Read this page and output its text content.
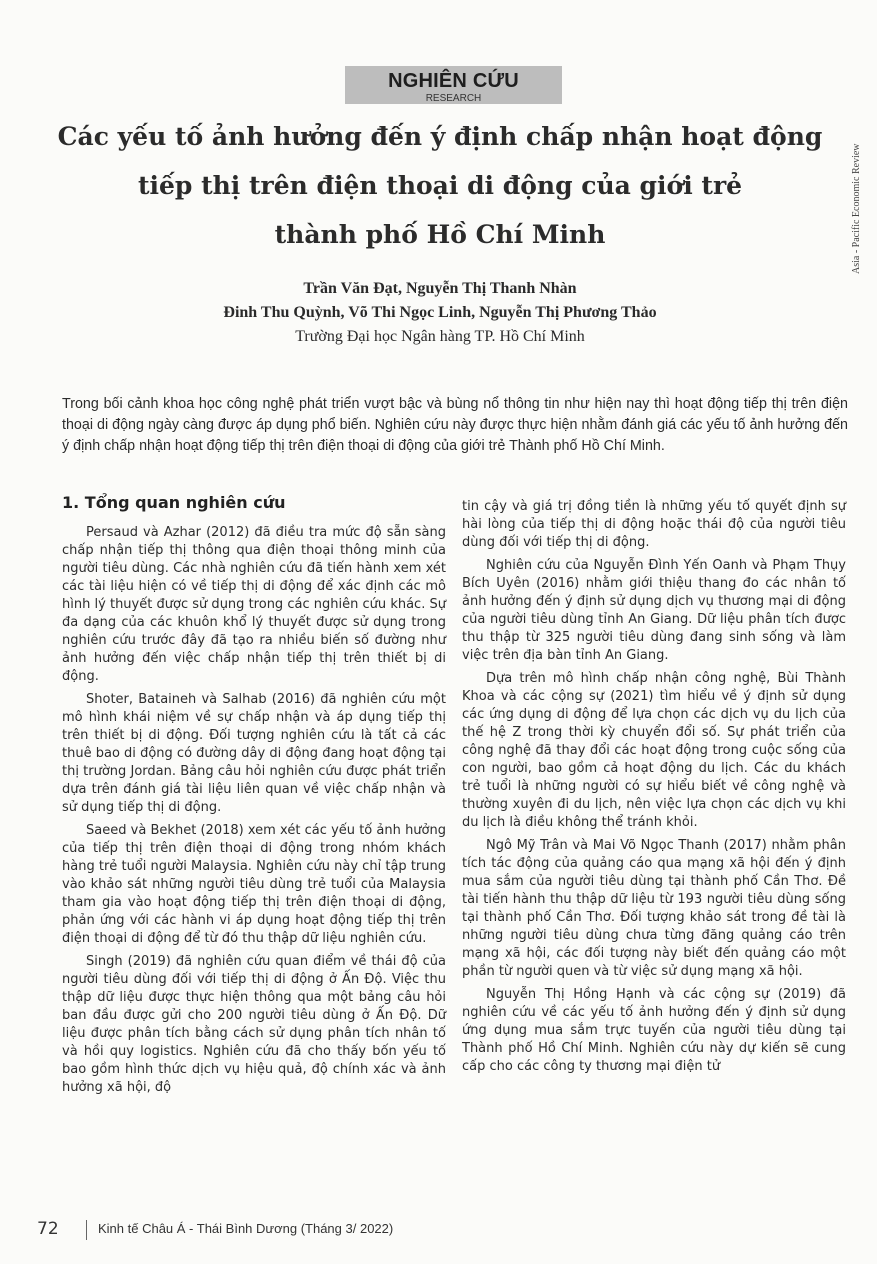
NGHIÊN CỨU
RESEARCH
Asia - Pacific Economic Review
Các yếu tố ảnh hưởng đến ý định chấp nhận hoạt động
tiếp thị trên điện thoại di động của giới trẻ
thành phố Hồ Chí Minh
Trần Văn Đạt, Nguyễn Thị Thanh Nhàn
Đinh Thu Quỳnh, Võ Thi Ngọc Linh, Nguyễn Thị Phương Thảo
Trường Đại học Ngân hàng TP. Hồ Chí Minh

Trong bối cảnh khoa học công nghệ phát triển vượt bậc và bùng nổ thông tin như hiện nay thì hoạt động tiếp thị trên điện thoại di động ngày càng được áp dụng phổ biến. Nghiên cứu này được thực hiện nhằm đánh giá các yếu tố ảnh hưởng đến ý định chấp nhận hoạt động tiếp thị trên điện thoại di động của giới trẻ Thành phố Hồ Chí Minh.

1. Tổng quan nghiên cứu

Persaud và Azhar (2012) đã điều tra mức độ sẵn sàng chấp nhận tiếp thị thông qua điện thoại thông minh của người tiêu dùng. Các nhà nghiên cứu đã tiến hành xem xét các tài liệu hiện có về tiếp thị di động để xác định các mô hình lý thuyết được sử dụng trong các nghiên cứu khác. Sự đa dạng của các khuôn khổ lý thuyết được sử dụng trong nghiên cứu trước đây đã tạo ra nhiều biến số đường như ảnh hưởng đến việc chấp nhận tiếp thị trên thiết bị di động.

Shoter, Bataineh và Salhab (2016) đã nghiên cứu một mô hình khái niệm về sự chấp nhận và áp dụng tiếp thị trên thiết bị di động. Đối tượng nghiên cứu là tất cả các thuê bao di động có đường dây di động đang hoạt động tại thị trường Jordan. Bảng câu hỏi nghiên cứu được phát triển dựa trên đánh giá tài liệu liên quan về việc chấp nhận và sử dụng tiếp thị di động.

Saeed và Bekhet (2018) xem xét các yếu tố ảnh hưởng của tiếp thị trên điện thoại di động trong nhóm khách hàng trẻ tuổi người Malaysia. Nghiên cứu này chỉ tập trung vào khảo sát những người tiêu dùng trẻ tuổi của Malaysia tham gia vào hoạt động tiếp thị trên điện thoại di động, phản ứng với các hành vi áp dụng hoạt động tiếp thị trên điện thoại di động để từ đó thu thập dữ liệu nghiên cứu.

Singh (2019) đã nghiên cứu quan điểm về thái độ của người tiêu dùng đối với tiếp thị di động ở Ấn Độ. Việc thu thập dữ liệu được thực hiện thông qua một bảng câu hỏi ban đầu được gửi cho 200 người tiêu dùng ở Ấn Độ. Dữ liệu được phân tích bằng cách sử dụng phân tích nhân tố và hồi quy logistics. Nghiên cứu đã cho thấy bốn yếu tố bao gồm hình thức dịch vụ hiệu quả, độ chính xác và ảnh hưởng xã hội, độ

tin cậy và giá trị đồng tiền là những yếu tố quyết định sự hài lòng của tiếp thị di động hoặc thái độ của người tiêu dùng đối với tiếp thị di động.

Nghiên cứu của Nguyễn Đình Yến Oanh và Phạm Thụy Bích Uyên (2016) nhằm giới thiệu thang đo các nhân tố ảnh hưởng đến ý định sử dụng dịch vụ thương mại di động của người tiêu dùng tỉnh An Giang. Dữ liệu phân tích được thu thập từ 325 người tiêu dùng đang sinh sống và làm việc trên địa bàn tỉnh An Giang.

Dựa trên mô hình chấp nhận công nghệ, Bùi Thành Khoa và các cộng sự (2021) tìm hiểu về ý định sử dụng các ứng dụng di động để lựa chọn các dịch vụ du lịch của thế hệ Z trong thời kỳ chuyển đổi số. Sự phát triển của công nghệ đã thay đổi các hoạt động trong cuộc sống của con người, bao gồm cả hoạt động du lịch. Các du khách trẻ tuổi là những người có sự hiểu biết về công nghệ và thường xuyên đi du lịch, nên việc lựa chọn các dịch vụ khi du lịch là điều không thể tránh khỏi.

Ngô Mỹ Trân và Mai Võ Ngọc Thanh (2017) nhằm phân tích tác động của quảng cáo qua mạng xã hội đến ý định mua sắm của người tiêu dùng tại thành phố Cần Thơ. Đề tài tiến hành thu thập dữ liệu từ 193 người tiêu dùng sống tại thành phố Cần Thơ. Đối tượng khảo sát trong đề tài là những người tiêu dùng chưa từng đăng quảng cáo trên mạng xã hội, các đối tượng này biết đến quảng cáo một phần từ người quen và từ việc sử dụng mạng xã hội.

Nguyễn Thị Hồng Hạnh và các cộng sự (2019) đã nghiên cứu về các yếu tố ảnh hưởng đến ý định sử dụng ứng dụng mua sắm trực tuyến của người tiêu dùng tại Thành phố Hồ Chí Minh. Nghiên cứu này dự kiến sẽ cung cấp cho các công ty thương mại điện tử

72	Kinh tế Châu Á - Thái Bình Dương (Tháng 3/ 2022)
